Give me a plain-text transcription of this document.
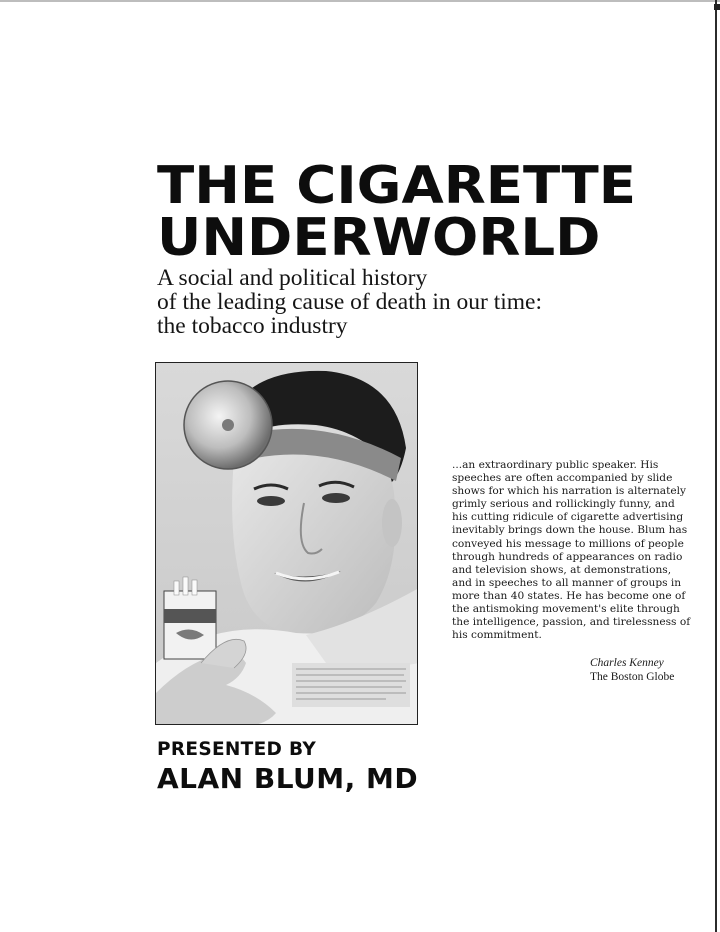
THE CIGARETTE
UNDERWORLD

A social and political history
of the leading cause of death in our time:
the tobacco industry

...an extraordinary public speaker. His speeches are often accompanied by slide shows for which his narration is alternately grimly serious and rollickingly funny, and his cutting ridicule of cigarette advertising inevitably brings down the house. Blum has conveyed his message to millions of people through hundreds of appearances on radio and television shows, at demonstrations, and in speeches to all manner of groups in more than 40 states. He has become one of the antismoking movement's elite through the intelligence, passion, and tirelessness of his commitment.

Charles Kenney
The Boston Globe
PRESENTED BY
ALAN BLUM, MD
